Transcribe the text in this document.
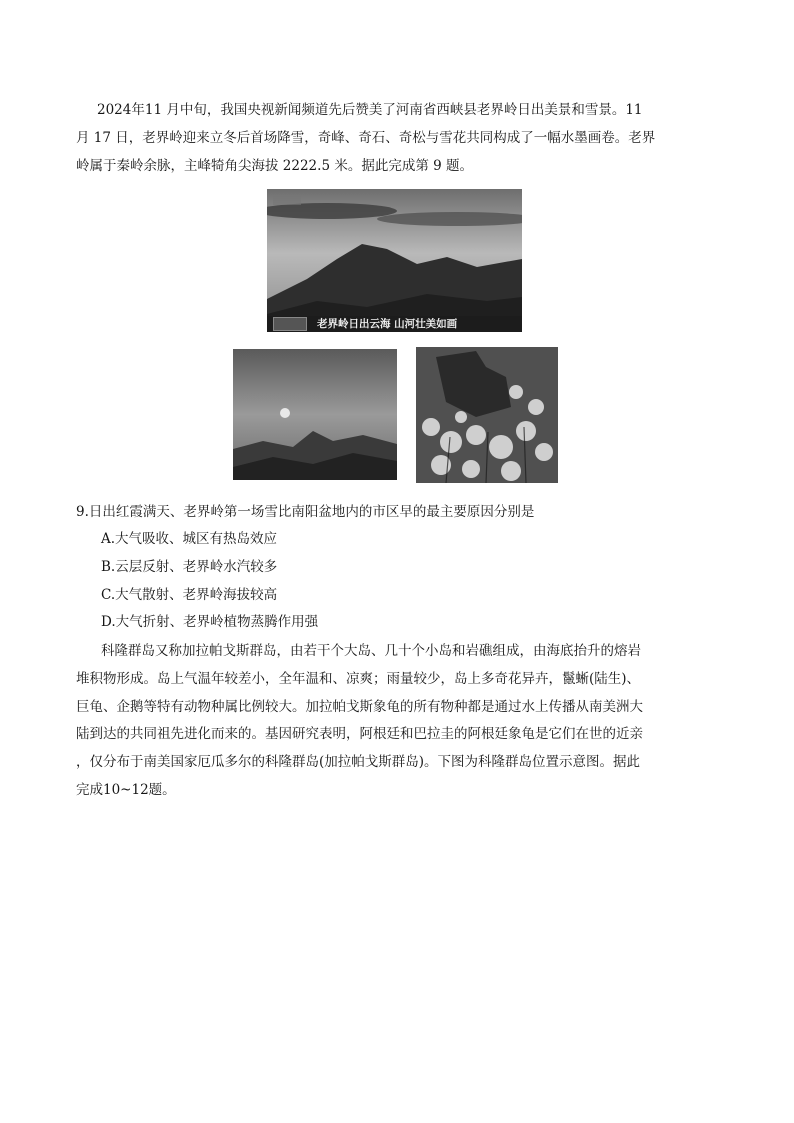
2024年11 月中旬，我国央视新闻频道先后赞美了河南省西峡县老界岭日出美景和雪景。11
月 17 日，老界岭迎来立冬后首场降雪，奇峰、奇石、奇松与雪花共同构成了一幅水墨画卷。老界
岭属于秦岭余脉，主峰犄角尖海拔 2222.5 米。据此完成第 9 题。
老界岭日出云海 山河壮美如画
9.日出红霞满天、老界岭第一场雪比南阳盆地内的市区早的最主要原因分别是
A.大气吸收、城区有热岛效应
B.云层反射、老界岭水汽较多
C.大气散射、老界岭海拔较高
D.大气折射、老界岭植物蒸腾作用强
科隆群岛又称加拉帕戈斯群岛，由若干个大岛、几十个小岛和岩礁组成，由海底抬升的熔岩
堆积物形成。岛上气温年较差小，全年温和、凉爽；雨量较少，岛上多奇花异卉，鬣蜥(陆生)、
巨龟、企鹅等特有动物种属比例较大。加拉帕戈斯象龟的所有物种都是通过水上传播从南美洲大
陆到达的共同祖先进化而来的。基因研究表明，阿根廷和巴拉圭的阿根廷象龟是它们在世的近亲
，仅分布于南美国家厄瓜多尔的科隆群岛(加拉帕戈斯群岛)。下图为科隆群岛位置示意图。据此
完成10~12题。
